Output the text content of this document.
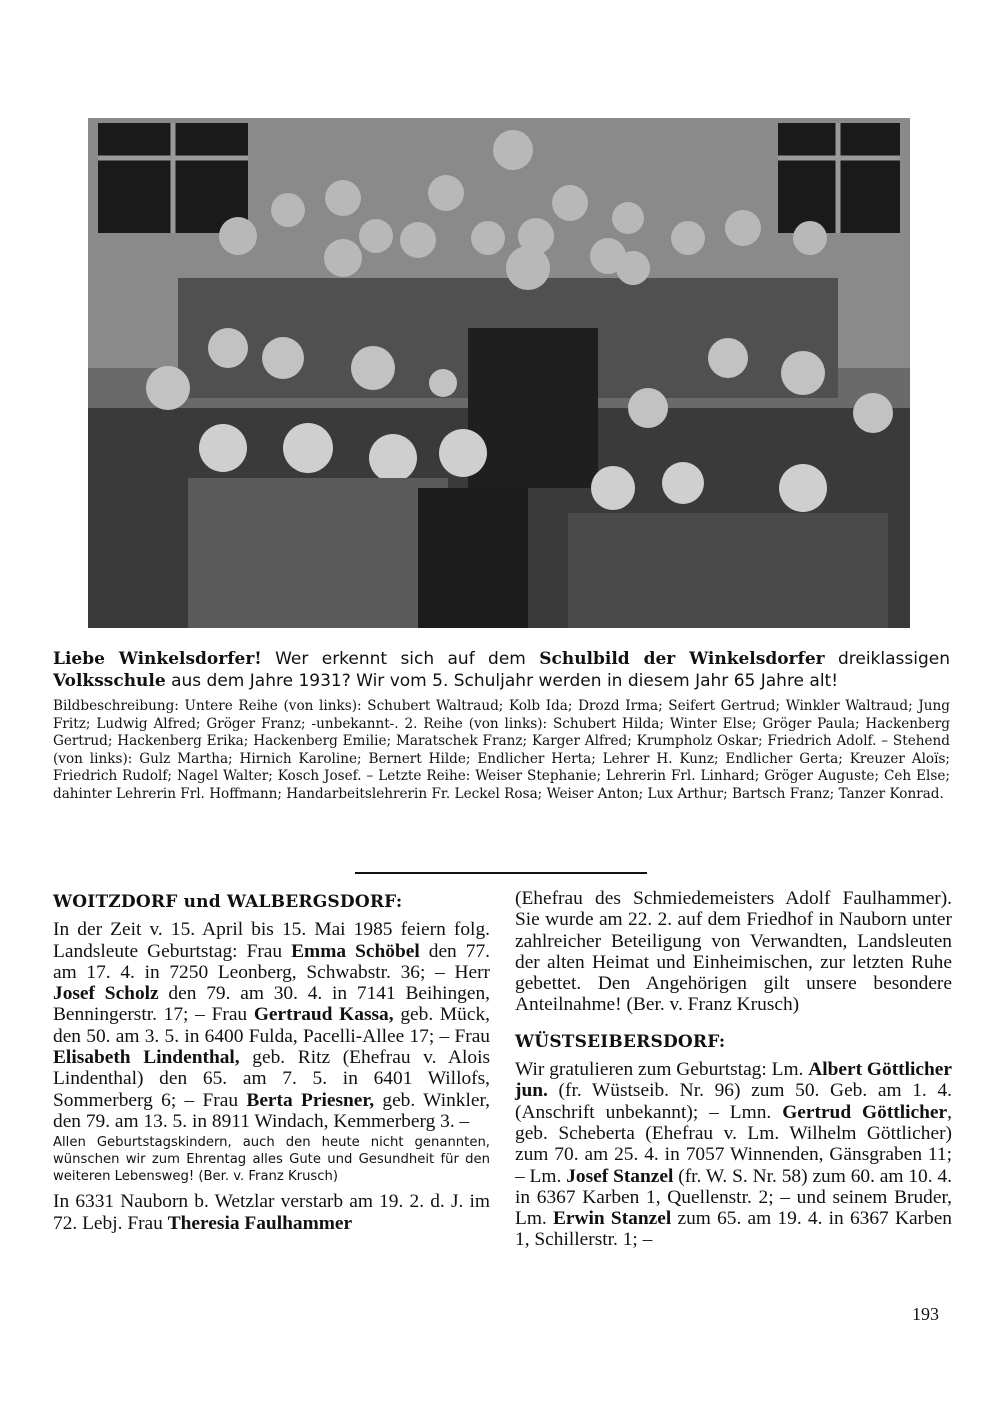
Liebe Winkelsdorfer! Wer erkennt sich auf dem Schulbild der Winkelsdorfer dreiklassigen Volksschule aus dem Jahre 1931? Wir vom 5. Schuljahr werden in diesem Jahr 65 Jahre alt!

Bildbeschreibung: Untere Reihe (von links): Schubert Waltraud; Kolb Ida; Drozd Irma; Seifert Gertrud; Winkler Waltraud; Jung Fritz; Ludwig Alfred; Gröger Franz; -unbekannt-. 2. Reihe (von links): Schubert Hilda; Winter Else; Gröger Paula; Hackenberg Gertrud; Hackenberg Erika; Hackenberg Emilie; Maratschek Franz; Karger Alfred; Krumpholz Oskar; Friedrich Adolf. – Stehend (von links): Gulz Martha; Hirnich Karoline; Bernert Hilde; Endlicher Herta; Lehrer H. Kunz; Endlicher Gerta; Kreuzer Aloïs; Friedrich Rudolf; Nagel Walter; Kosch Josef. – Letzte Reihe: Weiser Stephanie; Lehrerin Frl. Linhard; Gröger Auguste; Ceh Else; dahinter Lehrerin Frl. Hoffmann; Handarbeitslehrerin Fr. Leckel Rosa; Weiser Anton; Lux Arthur; Bartsch Franz; Tanzer Konrad.

WOITZDORF und WALBERGSDORF:

In der Zeit v. 15. April bis 15. Mai 1985 feiern folg. Landsleute Geburtstag: Frau Emma Schöbel den 77. am 17. 4. in 7250 Leonberg, Schwabstr. 36; – Herr Josef Scholz den 79. am 30. 4. in 7141 Beihingen, Benningerstr. 17; – Frau Gertraud Kassa, geb. Mück, den 50. am 3. 5. in 6400 Fulda, Pacelli-Allee 17; – Frau Elisabeth Lindenthal, geb. Ritz (Ehefrau v. Alois Lindenthal) den 65. am 7. 5. in 6401 Willofs, Sommerberg 6; – Frau Berta Priesner, geb. Winkler, den 79. am 13. 5. in 8911 Windach, Kemmerberg 3. –

Allen Geburtstagskindern, auch den heute nicht genannten, wünschen wir zum Ehrentag alles Gute und Gesundheit für den weiteren Lebensweg! (Ber. v. Franz Krusch)

In 6331 Nauborn b. Wetzlar verstarb am 19. 2. d. J. im 72. Lebj. Frau Theresia Faulhammer

(Ehefrau des Schmiedemeisters Adolf Faulhammer). Sie wurde am 22. 2. auf dem Friedhof in Nauborn unter zahlreicher Beteiligung von Verwandten, Landsleuten der alten Heimat und Einheimischen, zur letzten Ruhe gebettet. Den Angehörigen gilt unsere besondere Anteilnahme! (Ber. v. Franz Krusch)

WÜSTSEIBERSDORF:

Wir gratulieren zum Geburtstag: Lm. Albert Göttlicher jun. (fr. Wüstseib. Nr. 96) zum 50. Geb. am 1. 4. (Anschrift unbekannt); – Lmn. Gertrud Göttlicher, geb. Scheberta (Ehefrau v. Lm. Wilhelm Göttlicher) zum 70. am 25. 4. in 7057 Winnenden, Gänsgraben 11; – Lm. Josef Stanzel (fr. W. S. Nr. 58) zum 60. am 10. 4. in 6367 Karben 1, Quellenstr. 2; – und seinem Bruder, Lm. Erwin Stanzel zum 65. am 19. 4. in 6367 Karben 1, Schillerstr. 1; –

193
